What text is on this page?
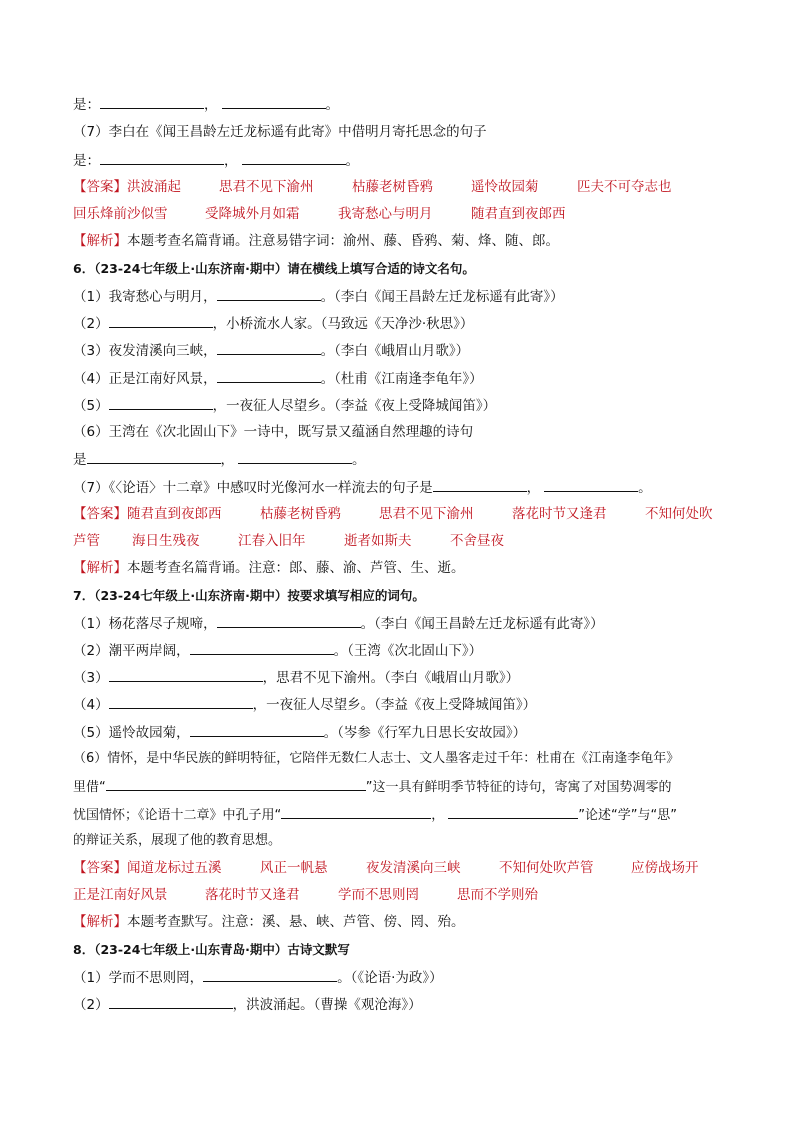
是：	，	。
（7）李白在《闻王昌龄左迁龙标遥有此寄》中借明月寄托思念的句子
是：	，	。
【答案】 洪波涌起	思君不见下渝州	枯藤老树昏鸦	遥怜故园菊	匹夫不可夺志也
回乐烽前沙似雪	受降城外月如霜	我寄愁心与明月	随君直到夜郎西
【解析】本题考查名篇背诵。注意易错字词：渝州、藤、昏鸦、菊、烽、随、郎。
6．（23-24七年级上·山东济南·期中）请在横线上填写合适的诗文名句。
（1）我寄愁心与明月，	。（李白《闻王昌龄左迁龙标遥有此寄》）
（2）	，小桥流水人家。（马致远《天净沙·秋思》）
（3）夜发清溪向三峡，	。（李白《峨眉山月歌》）
（4）正是江南好风景，	。（杜甫《江南逢李龟年》）
（5）	，一夜征人尽望乡。（李益《夜上受降城闻笛》）
（6）王湾在《次北固山下》一诗中，既写景又蕴涵自然理趣的诗句
是	，	。
（7）《〈论语〉十二章》中感叹时光像河水一样流去的句子是	，	。
【答案】 随君直到夜郎西	枯藤老树昏鸦	思君不见下渝州	落花时节又逢君	不知何处吹
芦管 海日生残夜	江春入旧年	逝者如斯夫	不舍昼夜
【解析】本题考查名篇背诵。注意：郎、藤、渝、芦管、生、逝。
7．（23-24七年级上·山东济南·期中）按要求填写相应的词句。
（1）杨花落尽子规啼，	。（李白《闻王昌龄左迁龙标遥有此寄》）
（2）潮平两岸阔，	。（王湾《次北固山下》）
（3）	，思君不见下渝州。（李白《峨眉山月歌》）
（4）	，一夜征人尽望乡。（李益《夜上受降城闻笛》）
（5）遥怜故园菊，	。（岑参《行军九日思长安故园》）
（6）情怀，是中华民族的鲜明特征，它陪伴无数仁人志士、文人墨客走过千年：杜甫在《江南逢李龟年》
里借“	”这一具有鲜明季节特征的诗句，寄寓了对国势凋零的
忧国情怀；《论语十二章》中孔子用“	，	”论述“学”与“思”
的辩证关系，展现了他的教育思想。
【答案】 闻道龙标过五溪	风正一帆悬	夜发清溪向三峡	不知何处吹芦管	应傍战场开
正是江南好风景	落花时节又逢君	学而不思则罔	思而不学则殆
【解析】本题考查默写。注意：溪、悬、峡、芦管、傍、罔、殆。
8．（23-24七年级上·山东青岛·期中）古诗文默写
（1）学而不思则罔，	。（《论语·为政》）
（2）	，洪波涌起。（曹操《观沧海》）
